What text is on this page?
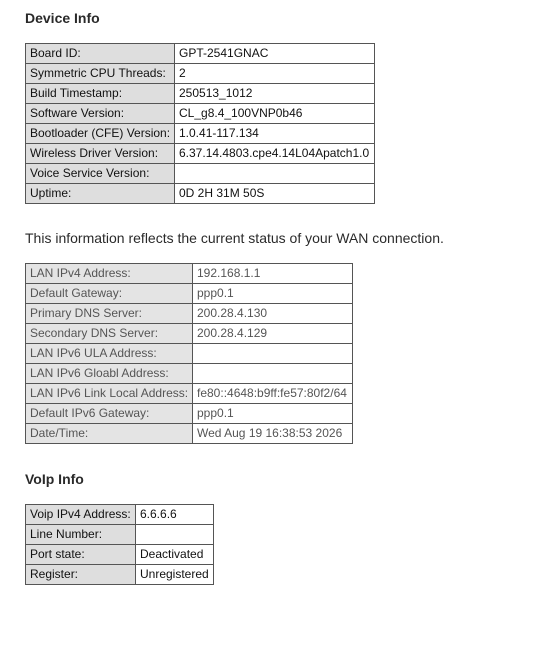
Device Info
Board ID:	GPT-2541GNAC
Symmetric CPU Threads:	2
Build Timestamp:	250513_1012
Software Version:	CL_g8.4_100VNP0b46
Bootloader (CFE) Version:	1.0.41-117.134
Wireless Driver Version:	6.37.14.4803.cpe4.14L04Apatch1.0
Voice Service Version:	
Uptime:	0D 2H 31M 50S

This information reflects the current status of your WAN connection.

LAN IPv4 Address:	192.168.1.1
Default Gateway:	ppp0.1
Primary DNS Server:	200.28.4.130
Secondary DNS Server:	200.28.4.129
LAN IPv6 ULA Address:	
LAN IPv6 Gloabl Address:	
LAN IPv6 Link Local Address:	fe80::4648:b9ff:fe57:80f2/64
Default IPv6 Gateway:	ppp0.1
Date/Time:	Wed Aug 19 16:38:53 2026
VoIp Info
Voip IPv4 Address:	6.6.6.6
Line Number:	
Port state:	Deactivated
Register:	Unregistered
